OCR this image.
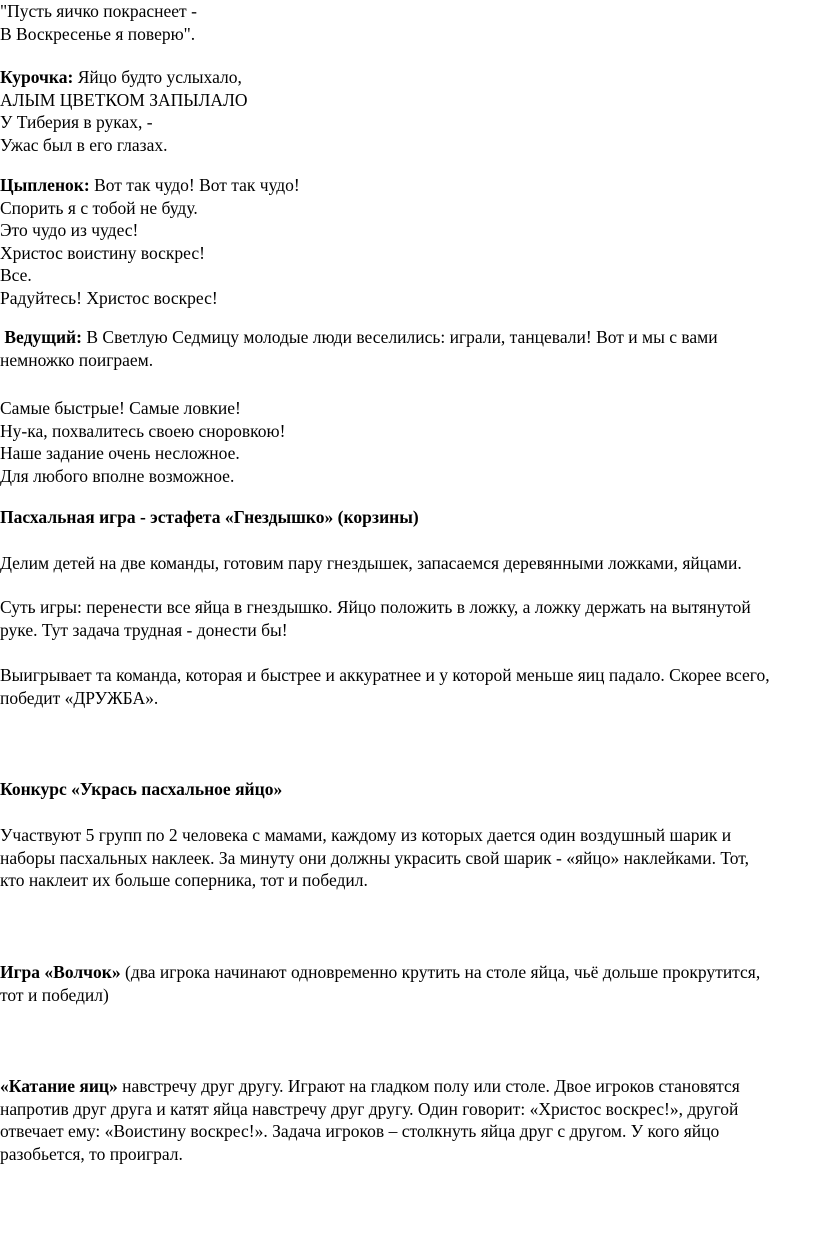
"Пусть яичко покраснеет -
В Воскресенье я поверю".
Курочка: Яйцо будто услыхало,
АЛЫМ ЦВЕТКОМ ЗАПЫЛАЛО
У Тиберия в руках, -
Ужас был в его глазах.
Цыпленок: Вот так чудо! Вот так чудо!
Спорить я с тобой не буду.
Это чудо из чудес!
Христос воистину воскрес!
Все.
Радуйтесь! Христос воскрес!
Ведущий: В Светлую Седмицу молодые люди веселились: играли, танцевали! Вот и мы с вами
немножко поиграем.
Самые быстрые! Самые ловкие!
Ну-ка, похвалитесь своею сноровкою!
Наше задание очень несложное.
Для любого вполне возможное.
Пасхальная игра - эстафета «Гнездышко» (корзины)
Делим детей на две команды, готовим пару гнездышек, запасаемся деревянными ложками, яйцами.
Суть игры: перенести все яйца в гнездышко. Яйцо положить в ложку, а ложку держать на вытянутой
руке. Тут задача трудная - донести бы!
Выигрывает та команда, которая и быстрее и аккуратнее и у которой меньше яиц падало. Скорее всего,
победит «ДРУЖБА».
Конкурс «Укрась пасхальное яйцо»
Участвуют 5 групп по 2 человека с мамами, каждому из которых дается один воздушный шарик и
наборы пасхальных наклеек. За минуту они должны украсить свой шарик - «яйцо» наклейками. Тот,
кто наклеит их больше соперника, тот и победил.
Игра «Волчок» (два игрока начинают одновременно крутить на столе яйца, чьё дольше прокрутится,
тот и победил)
«Катание яиц» навстречу друг другу. Играют на гладком полу или столе. Двое игроков становятся
напротив друг друга и катят яйца навстречу друг другу. Один говорит: «Христос воскрес!», другой
отвечает ему: «Воистину воскрес!». Задача игроков – столкнуть яйца друг с другом. У кого яйцо
разобьется, то проиграл.
